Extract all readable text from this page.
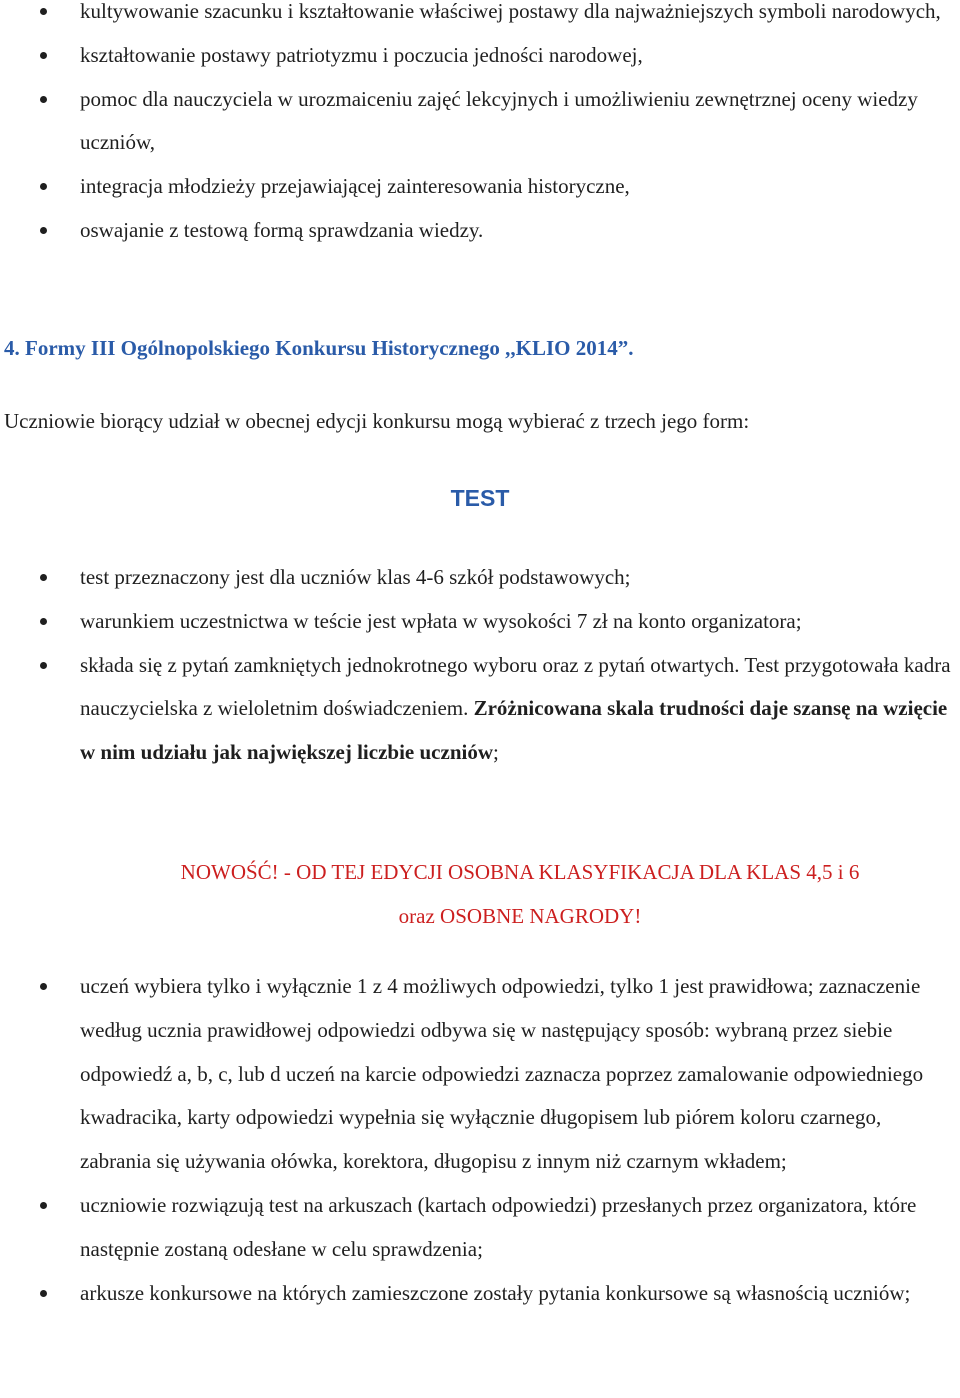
kultywowanie szacunku i kształtowanie właściwej postawy dla najważniejszych symboli narodowych,
kształtowanie postawy patriotyzmu i poczucia jedności narodowej,
pomoc dla nauczyciela w urozmaiceniu zajęć lekcyjnych i umożliwieniu zewnętrznej oceny wiedzy uczniów,
integracja młodzieży przejawiającej zainteresowania historyczne,
oswajanie z testową formą sprawdzania wiedzy.
4. Formy III Ogólnopolskiego Konkursu Historycznego ,,KLIO 2014”.
Uczniowie biorący udział w obecnej edycji konkursu mogą wybierać z trzech jego form:
TEST
test przeznaczony jest dla uczniów klas 4-6 szkół podstawowych;
warunkiem uczestnictwa w teście jest wpłata w wysokości 7 zł na konto organizatora;
składa się z pytań zamkniętych jednokrotnego wyboru oraz z pytań otwartych. Test przygotowała kadra nauczycielska z wieloletnim doświadczeniem. Zróżnicowana skala trudności daje szansę na wzięcie w nim udziału jak największej liczbie uczniów;
NOWOŚĆ! - OD TEJ EDYCJI OSOBNA KLASYFIKACJA DLA KLAS 4,5 i 6
oraz OSOBNE NAGRODY!
uczeń wybiera tylko i wyłącznie 1 z 4 możliwych odpowiedzi, tylko 1 jest prawidłowa; zaznaczenie według ucznia prawidłowej odpowiedzi odbywa się w następujący sposób: wybraną przez siebie odpowiedź a, b, c, lub d uczeń na karcie odpowiedzi zaznacza poprzez zamalowanie odpowiedniego kwadracika, karty odpowiedzi wypełnia się wyłącznie długopisem lub piórem koloru czarnego, zabrania się używania ołówka, korektora, długopisu z innym niż czarnym wkładem;
uczniowie rozwiązują test na arkuszach (kartach odpowiedzi) przesłanych przez organizatora, które następnie zostaną odesłane w celu sprawdzenia;
arkusze konkursowe na których zamieszczone zostały pytania konkursowe są własnością uczniów;
